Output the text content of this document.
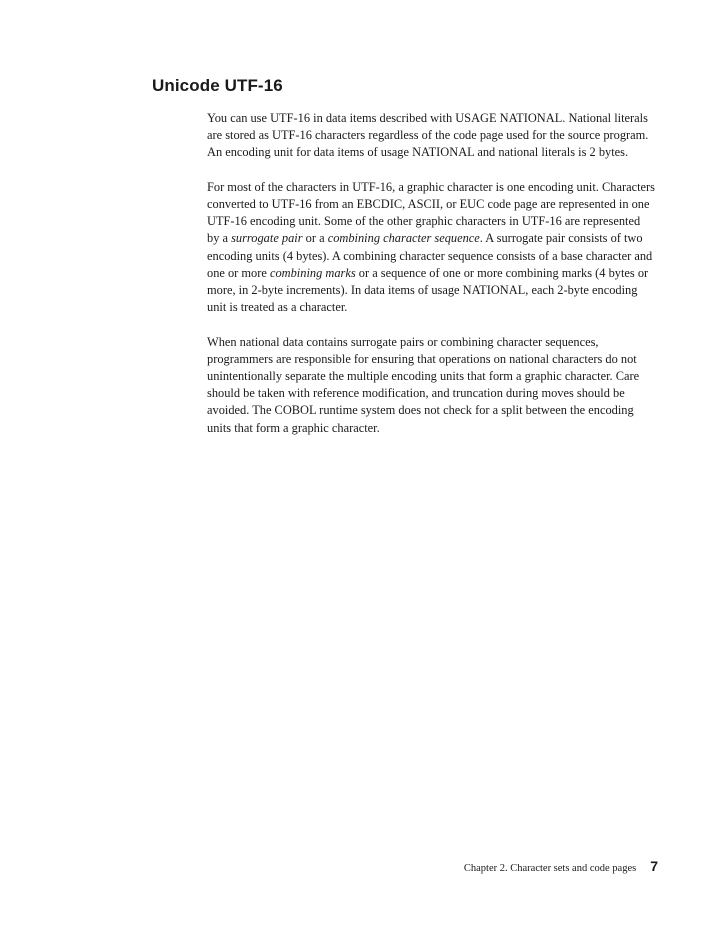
Unicode UTF-16

You can use UTF-16 in data items described with USAGE NATIONAL. National literals are stored as UTF-16 characters regardless of the code page used for the source program. An encoding unit for data items of usage NATIONAL and national literals is 2 bytes.

For most of the characters in UTF-16, a graphic character is one encoding unit. Characters converted to UTF-16 from an EBCDIC, ASCII, or EUC code page are represented in one UTF-16 encoding unit. Some of the other graphic characters in UTF-16 are represented by a surrogate pair or a combining character sequence. A surrogate pair consists of two encoding units (4 bytes). A combining character sequence consists of a base character and one or more combining marks or a sequence of one or more combining marks (4 bytes or more, in 2-byte increments). In data items of usage NATIONAL, each 2-byte encoding unit is treated as a character.

When national data contains surrogate pairs or combining character sequences, programmers are responsible for ensuring that operations on national characters do not unintentionally separate the multiple encoding units that form a graphic character. Care should be taken with reference modification, and truncation during moves should be avoided. The COBOL runtime system does not check for a split between the encoding units that form a graphic character.

Chapter 2. Character sets and code pages 7
